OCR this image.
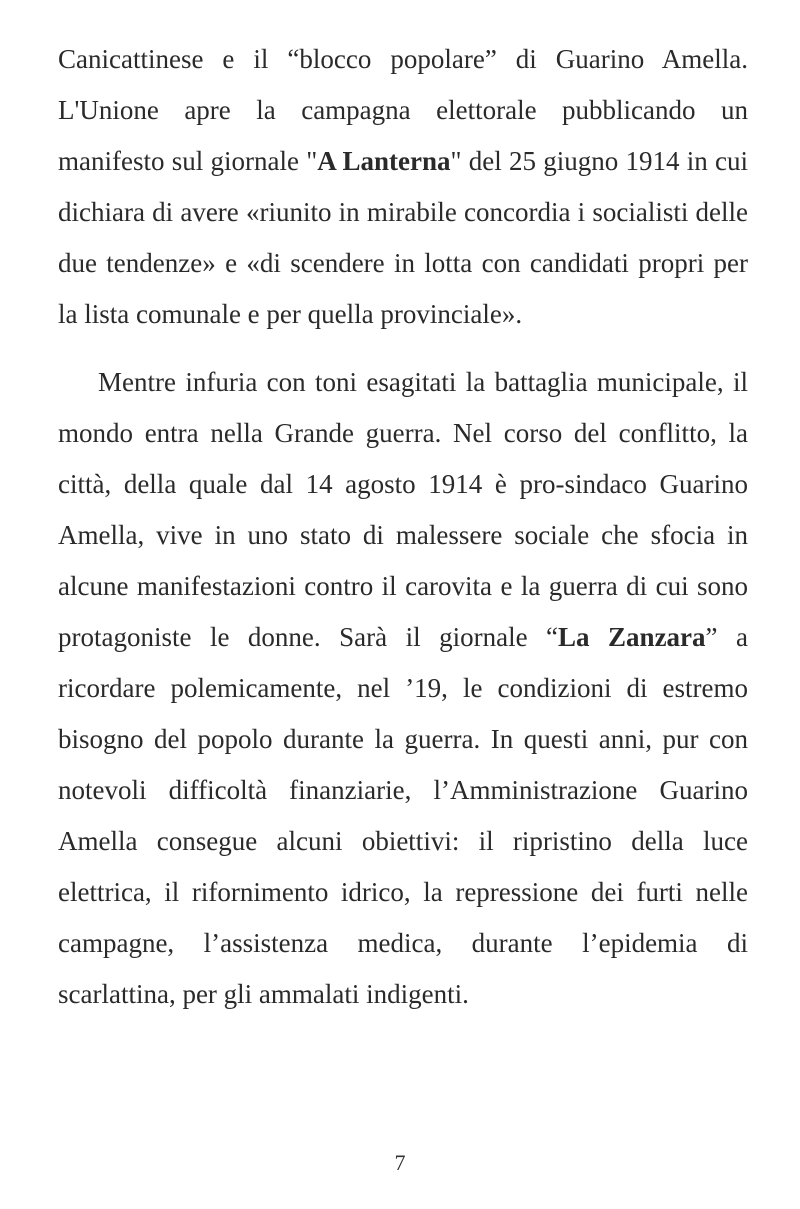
Canicattinese e il “blocco popolare” di Guarino Amella. L'Unione apre la campagna elettorale pubblicando un manifesto sul giornale "A Lanterna" del 25 giugno 1914 in cui dichiara di avere «riunito in mirabile concordia i socialisti delle due tendenze» e «di scendere in lotta con candidati propri per la lista comunale e per quella provinciale».

Mentre infuria con toni esagitati la battaglia municipale, il mondo entra nella Grande guerra. Nel corso del conflitto, la città, della quale dal 14 agosto 1914 è pro-sindaco Guarino Amella, vive in uno stato di malessere sociale che sfocia in alcune manifestazioni contro il carovita e la guerra di cui sono protagoniste le donne. Sarà il giornale “La Zanzara” a ricordare polemicamente, nel ’19, le condizioni di estremo bisogno del popolo durante la guerra. In questi anni, pur con notevoli difficoltà finanziarie, l’Amministrazione Guarino Amella consegue alcuni obiettivi: il ripristino della luce elettrica, il rifornimento idrico, la repressione dei furti nelle campagne, l’assistenza medica, durante l’epidemia di scarlattina, per gli ammalati indigenti.

7
